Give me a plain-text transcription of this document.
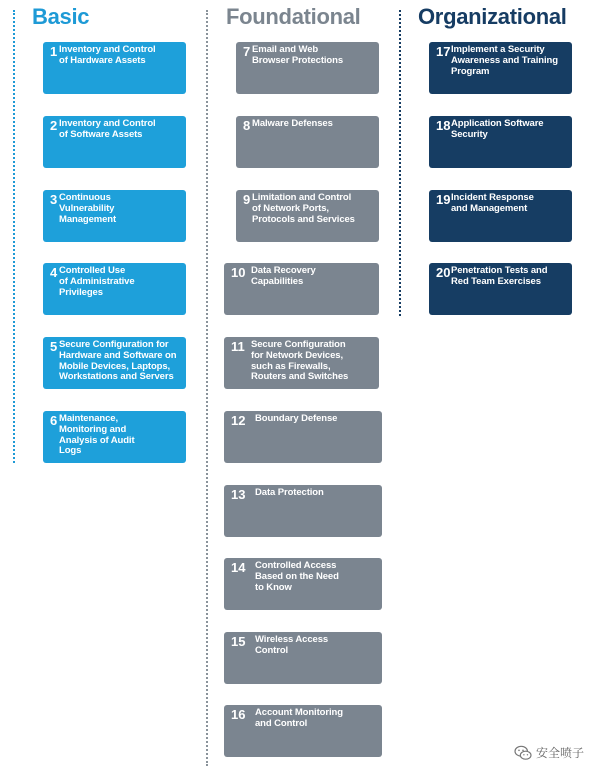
Basic	Foundational	Organizational
1 Inventory and Control
of Hardware Assets
2 Inventory and Control
of Software Assets
3 Continuous
Vulnerability
Management
4 Controlled Use
of Administrative
Privileges
5 Secure Configuration for
Hardware and Software on
Mobile Devices, Laptops,
Workstations and Servers
6 Maintenance,
Monitoring and
Analysis of Audit
Logs
7 Email and Web
Browser Protections
8 Malware Defenses
9 Limitation and Control
of Network Ports,
Protocols and Services
10 Data Recovery
Capabilities
11 Secure Configuration
for Network Devices,
such as Firewalls,
Routers and Switches
12 Boundary Defense
13 Data Protection
14 Controlled Access
Based on the Need
to Know
15 Wireless Access
Control
16 Account Monitoring
and Control
17 Implement a Security
Awareness and Training
Program
18 Application Software
Security
19 Incident Response
and Management
20 Penetration Tests and
Red Team Exercises
安全喷子
